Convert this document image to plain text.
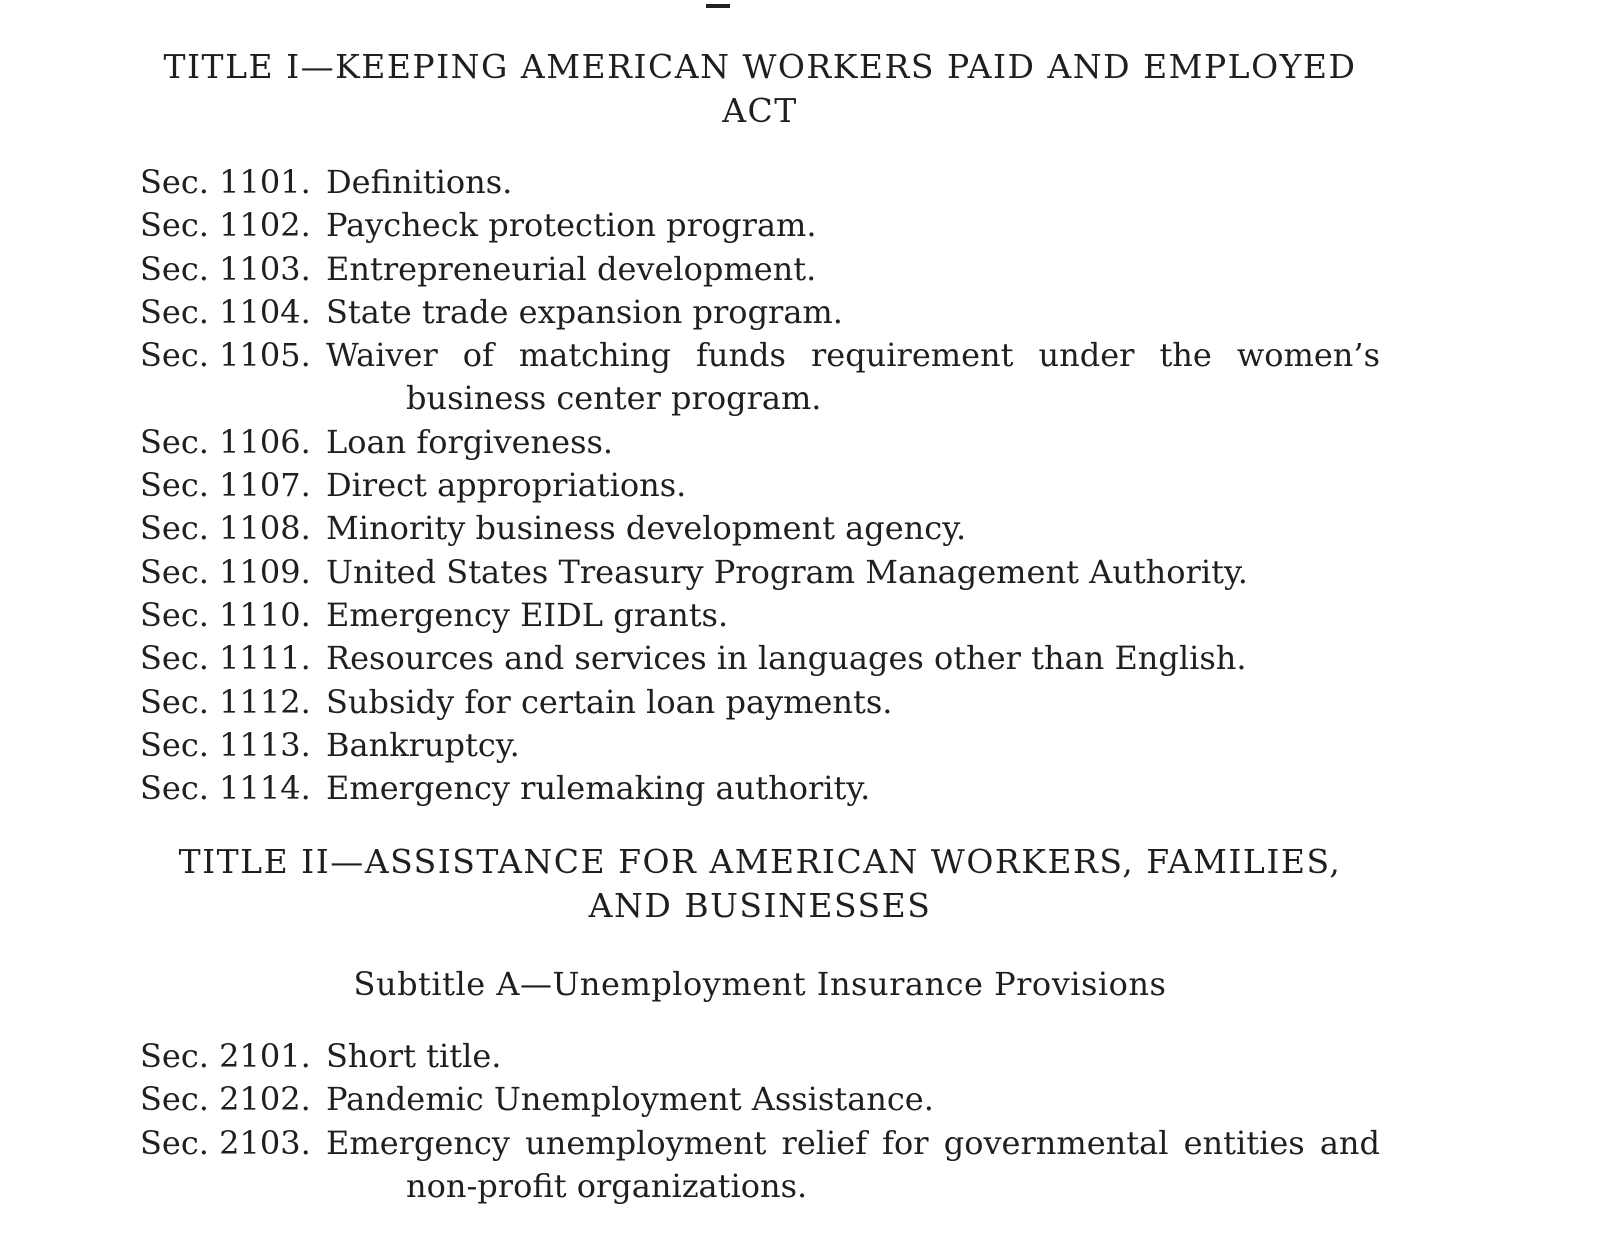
TITLE I—KEEPING AMERICAN WORKERS PAID AND EMPLOYED ACT
Sec. 1101. Definitions.
Sec. 1102. Paycheck protection program.
Sec. 1103. Entrepreneurial development.
Sec. 1104. State trade expansion program.
Sec. 1105. Waiver of matching funds requirement under the women’s business center program.
Sec. 1106. Loan forgiveness.
Sec. 1107. Direct appropriations.
Sec. 1108. Minority business development agency.
Sec. 1109. United States Treasury Program Management Authority.
Sec. 1110. Emergency EIDL grants.
Sec. 1111. Resources and services in languages other than English.
Sec. 1112. Subsidy for certain loan payments.
Sec. 1113. Bankruptcy.
Sec. 1114. Emergency rulemaking authority.
TITLE II—ASSISTANCE FOR AMERICAN WORKERS, FAMILIES, AND BUSINESSES
Subtitle A—Unemployment Insurance Provisions
Sec. 2101. Short title.
Sec. 2102. Pandemic Unemployment Assistance.
Sec. 2103. Emergency unemployment relief for governmental entities and non-profit organizations.
